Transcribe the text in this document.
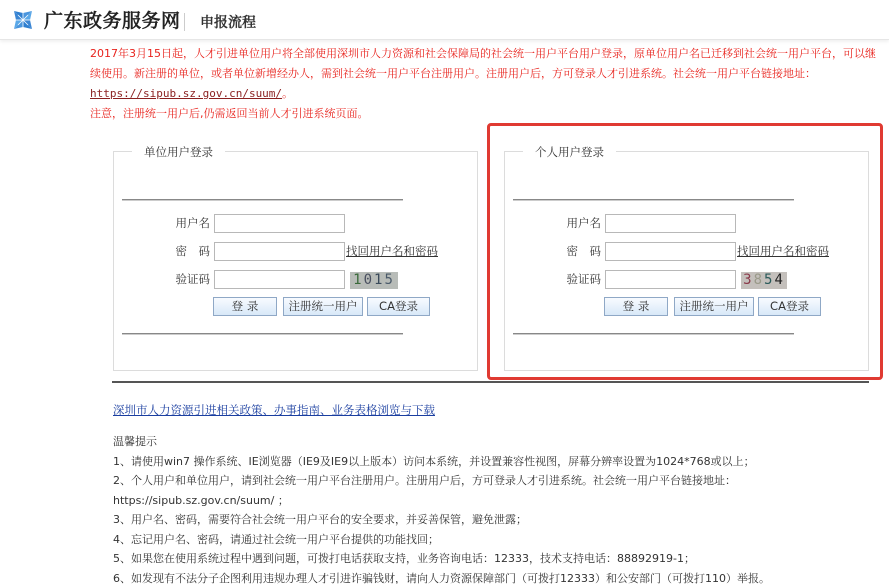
广东政务服务网 申报流程
2017年3月15日起，人才引进单位用户将全部使用深圳市人力资源和社会保障局的社会统一用户平台用户登录，原单位用户名已迁移到社会统一用户平台，可以继续使用。新注册的单位，或者单位新增经办人，需到社会统一用户平台注册用户。注册用户后，方可登录人才引进系统。社会统一用户平台链接地址：https://sipub.sz.gov.cn/suum/。
注意，注册统一用户后,仍需返回当前人才引进系统页面。
单位用户登录
用户名
密　码	找回用户名和密码
验证码	1015
登 录	注册统一用户	CA登录
个人用户登录
用户名
密　码	找回用户名和密码
验证码	3854
登 录	注册统一用户	CA登录
深圳市人力资源引进相关政策、办事指南、业务表格浏览与下载
温馨提示
1、请使用win7 操作系统、IE浏览器（IE9及IE9以上版本）访问本系统，并设置兼容性视图，屏幕分辨率设置为1024*768或以上；
2、个人用户和单位用户，请到社会统一用户平台注册用户。注册用户后，方可登录人才引进系统。社会统一用户平台链接地址：https://sipub.sz.gov.cn/suum/ ；
3、用户名、密码，需要符合社会统一用户平台的安全要求，并妥善保管，避免泄露；
4、忘记用户名、密码，请通过社会统一用户平台提供的功能找回；
5、如果您在使用系统过程中遇到问题，可拨打电话获取支持，业务咨询电话：12333，技术支持电话：88892919-1；
6、如发现有不法分子企图利用违规办理人才引进诈骗钱财，请向人力资源保障部门（可拨打12333）和公安部门（可拨打110）举报。
